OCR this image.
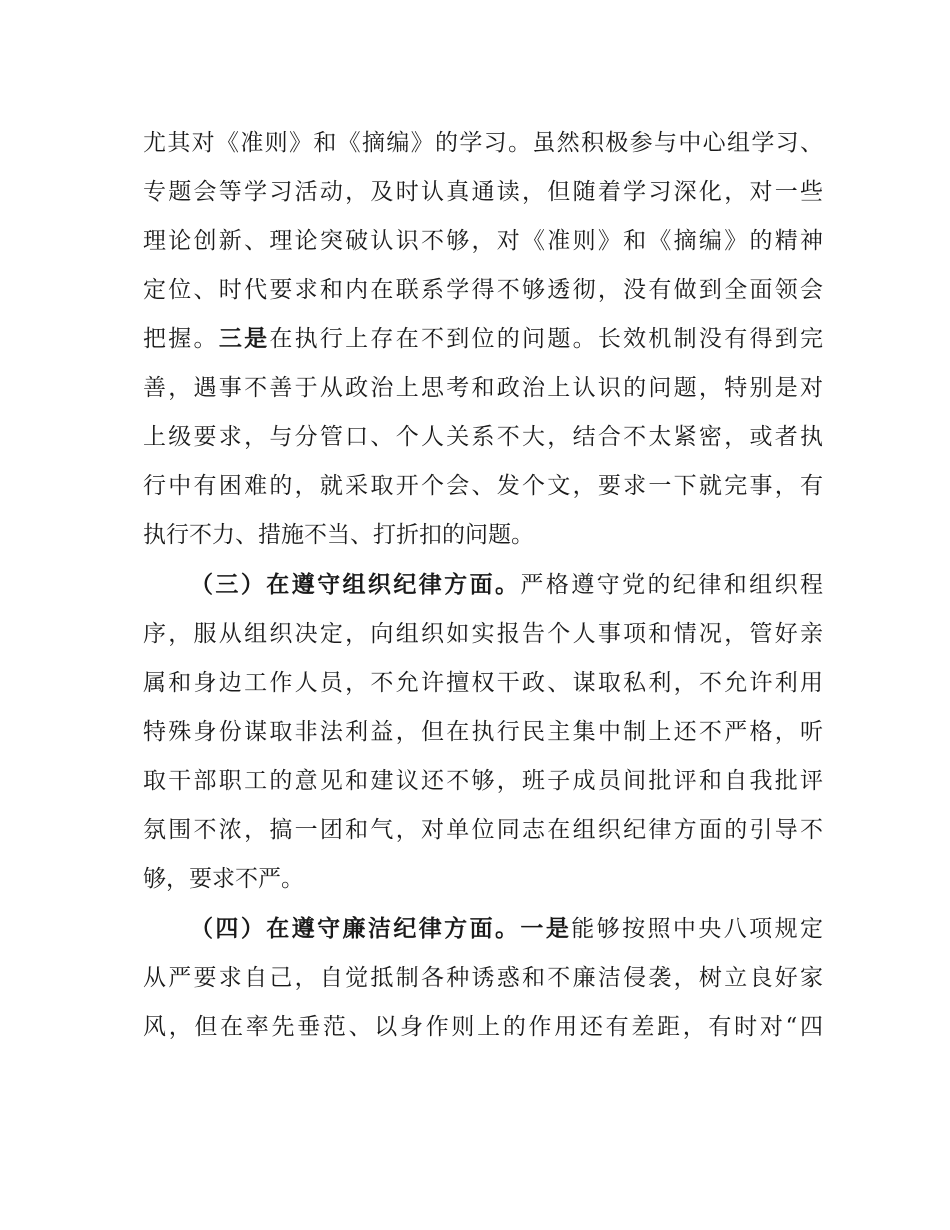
尤其对《准则》和《摘编》的学习。虽然积极参与中心组学习、
专题会等学习活动，及时认真通读，但随着学习深化，对一些
理论创新、理论突破认识不够，对《准则》和《摘编》的精神
定位、时代要求和内在联系学得不够透彻，没有做到全面领会
把握。三是在执行上存在不到位的问题。长效机制没有得到完
善，遇事不善于从政治上思考和政治上认识的问题，特别是对
上级要求，与分管口、个人关系不大，结合不太紧密，或者执
行中有困难的，就采取开个会、发个文，要求一下就完事，有
执行不力、措施不当、打折扣的问题。
（三）在遵守组织纪律方面。严格遵守党的纪律和组织程
序，服从组织决定，向组织如实报告个人事项和情况，管好亲
属和身边工作人员，不允许擅权干政、谋取私利，不允许利用
特殊身份谋取非法利益，但在执行民主集中制上还不严格，听
取干部职工的意见和建议还不够，班子成员间批评和自我批评
氛围不浓，搞一团和气，对单位同志在组织纪律方面的引导不
够，要求不严。
（四）在遵守廉洁纪律方面。一是能够按照中央八项规定
从严要求自己，自觉抵制各种诱惑和不廉洁侵袭，树立良好家
风，但在率先垂范、以身作则上的作用还有差距，有时对“四
